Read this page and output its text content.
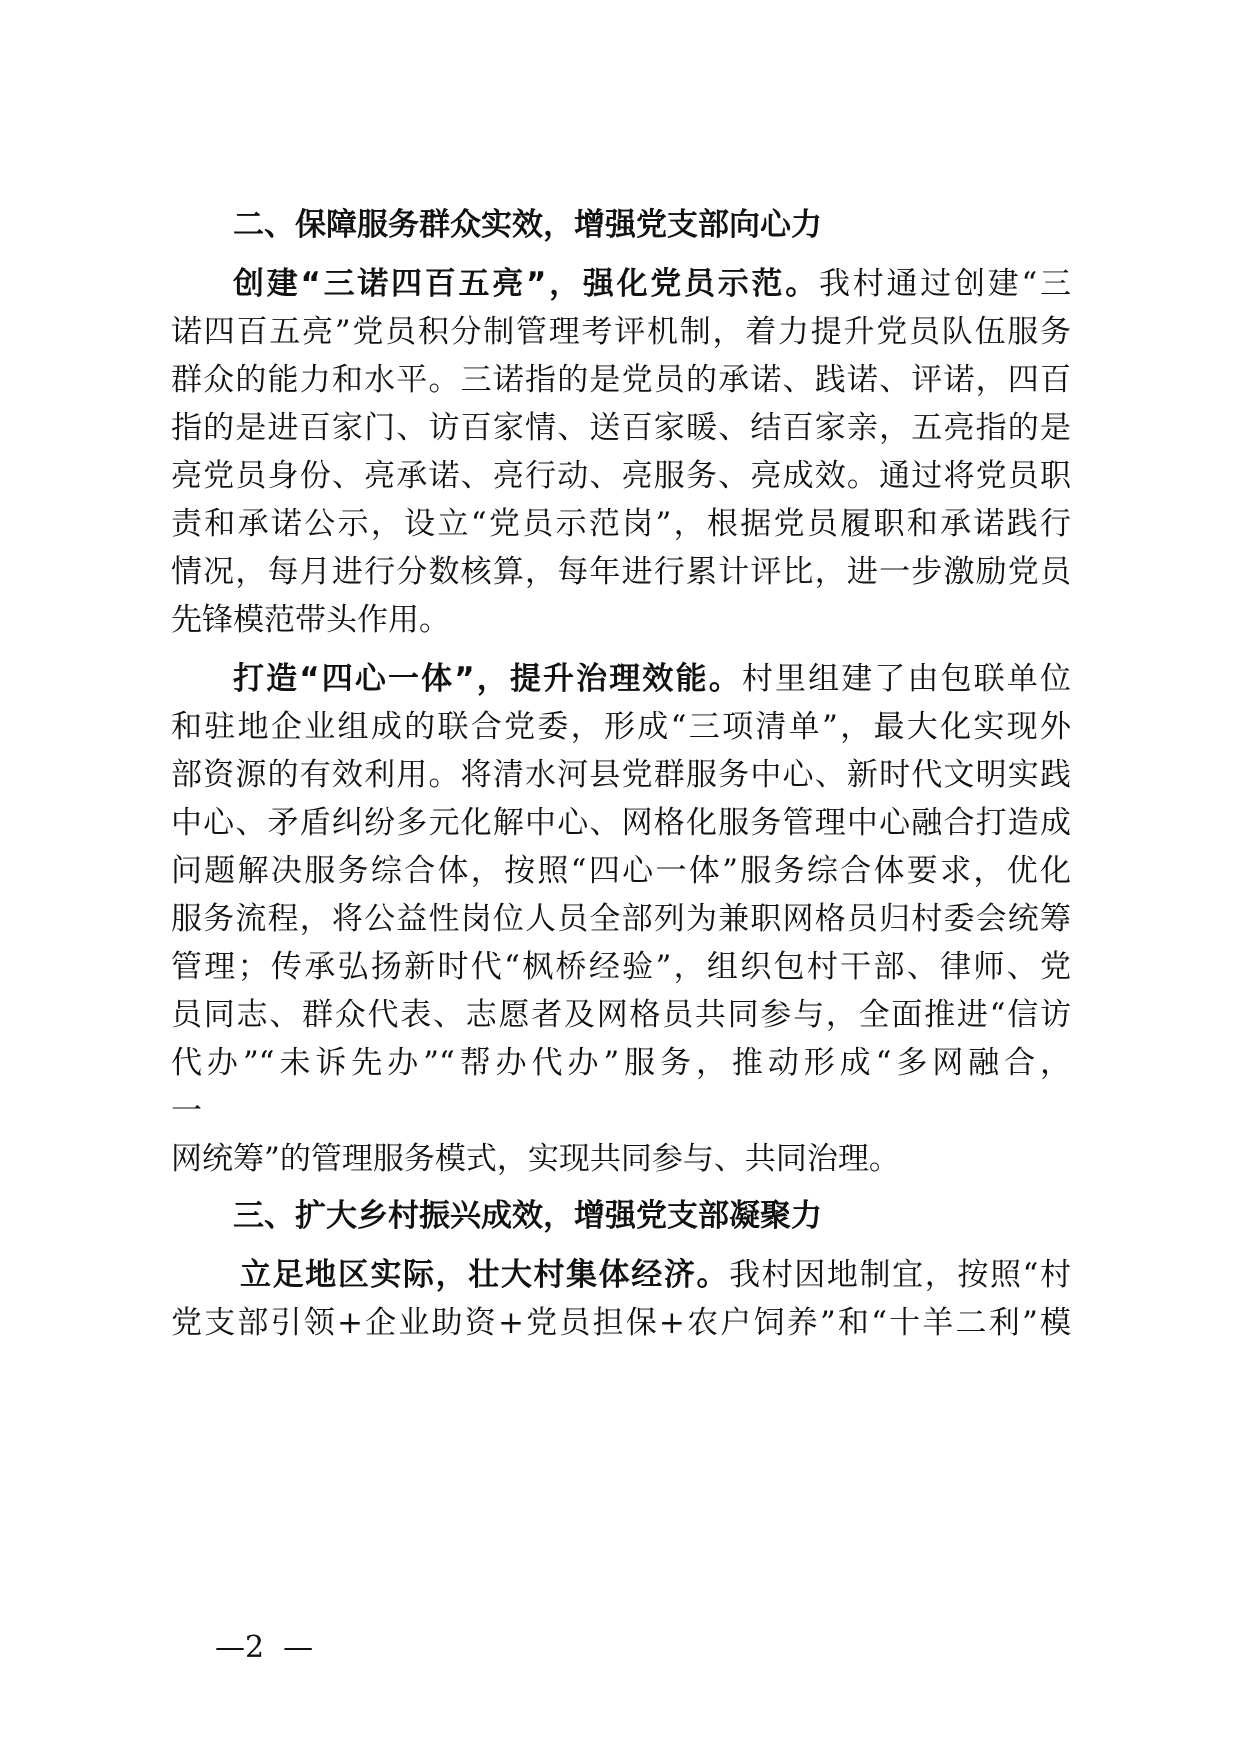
二、保障服务群众实效，增强党支部向心力
创建“三诺四百五亮”，强化党员示范。我村通过创建“三
诺四百五亮”党员积分制管理考评机制，着力提升党员队伍服务
群众的能力和水平。三诺指的是党员的承诺、践诺、评诺，四百
指的是进百家门、访百家情、送百家暖、结百家亲，五亮指的是
亮党员身份、亮承诺、亮行动、亮服务、亮成效。通过将党员职
责和承诺公示，设立“党员示范岗”，根据党员履职和承诺践行
情况，每月进行分数核算，每年进行累计评比，进一步激励党员
先锋模范带头作用。
打造“四心一体”，提升治理效能。村里组建了由包联单位
和驻地企业组成的联合党委，形成“三项清单”，最大化实现外
部资源的有效利用。将清水河县党群服务中心、新时代文明实践
中心、矛盾纠纷多元化解中心、网格化服务管理中心融合打造成
问题解决服务综合体，按照“四心一体”服务综合体要求，优化
服务流程，将公益性岗位人员全部列为兼职网格员归村委会统筹
管理；传承弘扬新时代“枫桥经验”，组织包村干部、律师、党
员同志、群众代表、志愿者及网格员共同参与，全面推进“信访
代办”“未诉先办”“帮办代办”服务，推动形成“多网融合，
一
网统筹”的管理服务模式，实现共同参与、共同治理。
三、扩大乡村振兴成效，增强党支部凝聚力
立足地区实际，壮大村集体经济。我村因地制宜，按照“村
党支部引领+企业助资+党员担保+农户饲养”和“十羊二利”模
—2  —
